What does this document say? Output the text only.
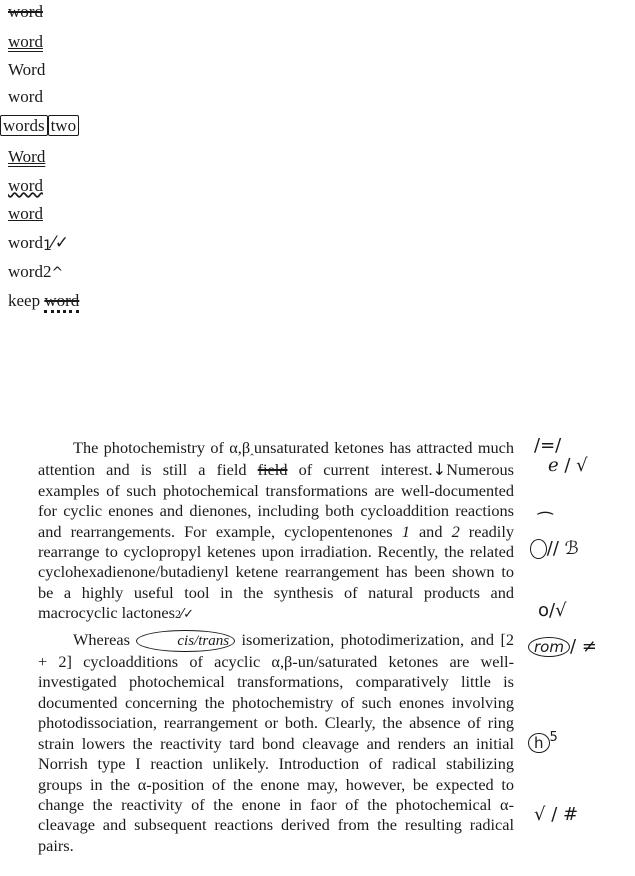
word
word
Word
word
words two
Word
word
word
word1⁄✓
word2^
keep word

The photochemistry of α,β‸unsaturated ketones has attracted much attention and is still a field field of current interest.↓Numerous examples of such photochemical transformations are well-documented for cyclic enones and dienones, including both cycloaddition reactions and rearrangements. For example, cyclopentenones 1 and 2 readily rearrange to cyclopropyl ketenes upon irradiation. Recently, the related cyclohexadienone/butadienyl ketene rearrangement has been shown to be a highly useful tool in the synthesis of natural products and macrocyclic lactones2⁄✓

Whereas	cis/trans isomerization, photodimerization, and [2 + 2] cycloadditions of acyclic α,β-un/saturated ketones are well-investigated photochemical transformations, comparatively little is documented concerning the photochemistry of such enones involving photodissociation, rearrangement or both. Clearly, the absence of ring strain lowers the reactivity tard bond cleavage and renders an initial Norrish type I reaction unlikely. Introduction of radical stabilizing groups in the α-position of the enone may, however, be expected to change the reactivity of the enone in faor of the photochemical α-cleavage and subsequent reactions derived from the resulting radical pairs.

/=/
ℯ / √
⁀
// ℬ
o/√
rom / ≠
h $^5$
√ / #
